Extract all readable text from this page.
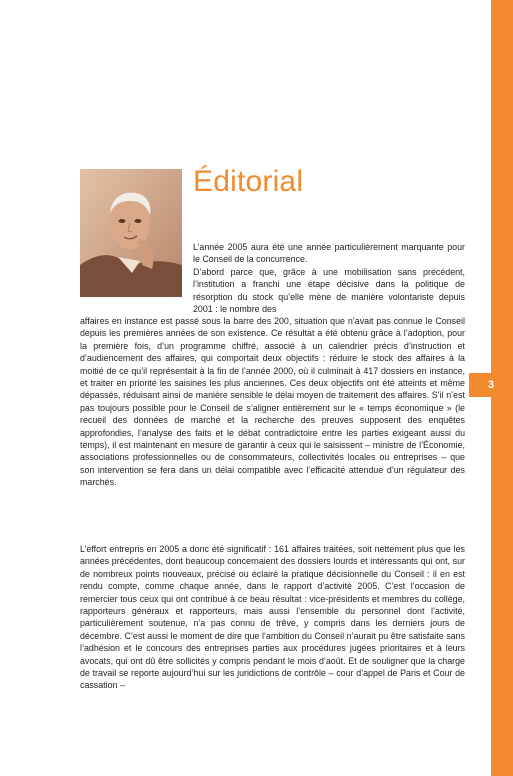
3
Éditorial

L’année 2005 aura été une année particulièrement marquante pour le Conseil de la concurrence.

D’abord parce que, grâce à une mobilisation sans précédent, l’institution a franchi une étape décisive dans la politique de résorption du stock qu’elle mène de manière volontariste depuis 2001 : le nombre des

affaires en instance est passé sous la barre des 200, situation que n’avait pas connue le Conseil depuis les premières années de son existence. Ce résultat a été obtenu grâce à l’adoption, pour la première fois, d’un programme chiffré, associé à un calendrier précis d’instruction et d’audiencement des affaires, qui comportait deux objectifs : réduire le stock des affaires à la moitié de ce qu’il représentait à la fin de l’année 2000, où il culminait à 417 dossiers en instance, et traiter en priorité les saisines les plus anciennes. Ces deux objectifs ont été atteints et même dépassés, réduisant ainsi de manière sensible le délai moyen de traitement des affaires. S’il n’est pas toujours possible pour le Conseil de s’aligner entièrement sur le « temps économique » (le recueil des données de marché et la recherche des preuves supposent des enquêtes approfondies, l’analyse des faits et le débat contradictoire entre les parties exigeant aussi du temps), il est maintenant en mesure de garantir à ceux qui le saisissent – ministre de l’Économie, associations professionnelles ou de consommateurs, collectivités locales ou entreprises – que son intervention se fera dans un délai compatible avec l’efficacité attendue d’un régulateur des marchés.

L’effort entrepris en 2005 a donc été significatif : 161 affaires traitées, soit nettement plus que les années précédentes, dont beaucoup concernaient des dossiers lourds et intéressants qui ont, sur de nombreux points nouveaux, précisé ou éclairé la pratique décisionnelle du Conseil : il en est rendu compte, comme chaque année, dans le rapport d’activité 2005. C’est l’occasion de remercier tous ceux qui ont contribué à ce beau résultat : vice-présidents et membres du collège, rapporteurs généraux et rapporteurs, mais aussi l’ensemble du personnel dont l’activité, particulièrement soutenue, n’a pas connu de trêve, y compris dans les derniers jours de décembre. C’est aussi le moment de dire que l’ambition du Conseil n’aurait pu être satisfaite sans l’adhésion et le concours des entreprises parties aux procédures jugées prioritaires et à leurs avocats, qui ont dû être sollicités y compris pendant le mois d’août. Et de souligner que la charge de travail se reporte aujourd’hui sur les juridictions de contrôle – cour d’appel de Paris et Cour de cassation –
